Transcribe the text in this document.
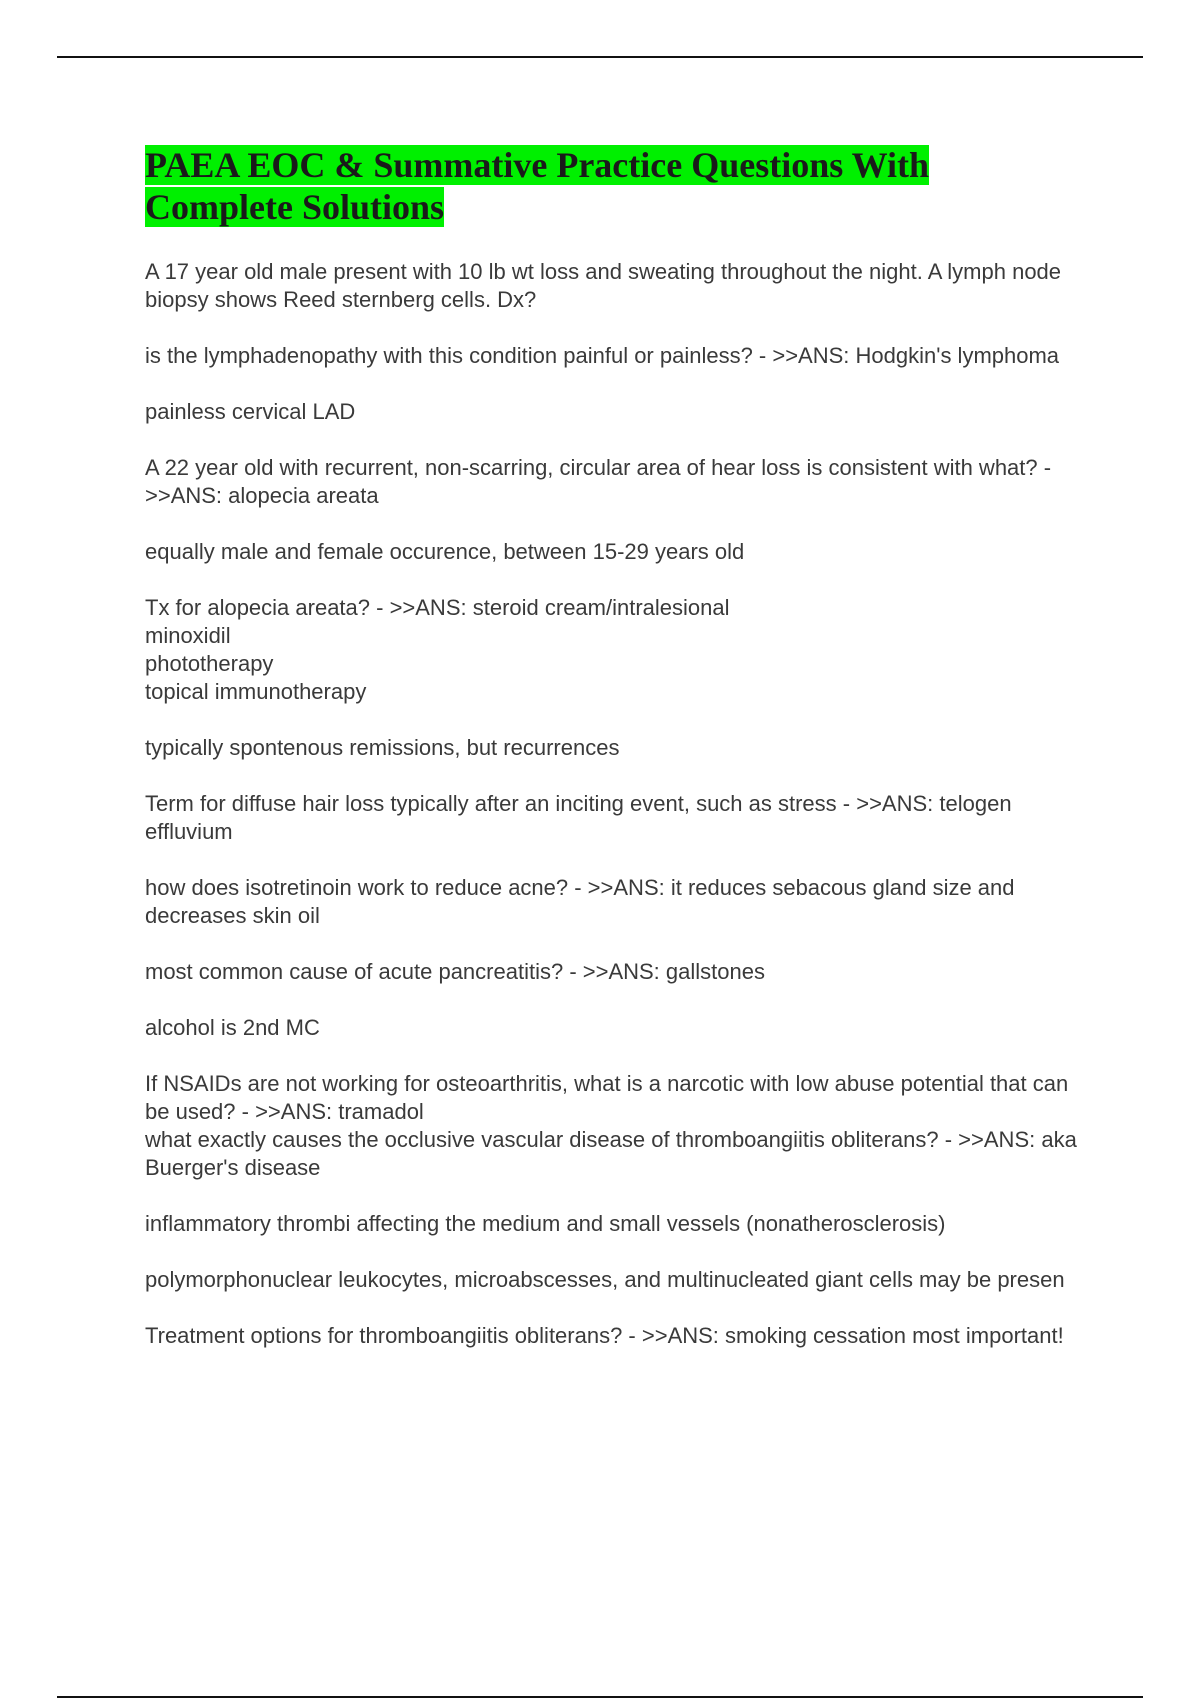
PAEA EOC & Summative Practice Questions With Complete Solutions

A 17 year old male present with 10 lb wt loss and sweating throughout the night. A lymph node biopsy shows Reed sternberg cells. Dx?

is the lymphadenopathy with this condition painful or painless? - >>ANS: Hodgkin's lymphoma

painless cervical LAD

A 22 year old with recurrent, non-scarring, circular area of hear loss is consistent with what? - >>ANS: alopecia areata

equally male and female occurence, between 15-29 years old

Tx for alopecia areata? - >>ANS: steroid cream/intralesional
minoxidil
phototherapy
topical immunotherapy

typically spontenous remissions, but recurrences

Term for diffuse hair loss typically after an inciting event, such as stress - >>ANS: telogen effluvium

how does isotretinoin work to reduce acne? - >>ANS: it reduces sebacous gland size and decreases skin oil

most common cause of acute pancreatitis? - >>ANS: gallstones

alcohol is 2nd MC

If NSAIDs are not working for osteoarthritis, what is a narcotic with low abuse potential that can be used? - >>ANS: tramadol

what exactly causes the occlusive vascular disease of thromboangiitis obliterans? - >>ANS: aka Buerger's disease

inflammatory thrombi affecting the medium and small vessels (nonatherosclerosis)

polymorphonuclear leukocytes, microabscesses, and multinucleated giant cells may be presen

Treatment options for thromboangiitis obliterans? - >>ANS: smoking cessation most important!
